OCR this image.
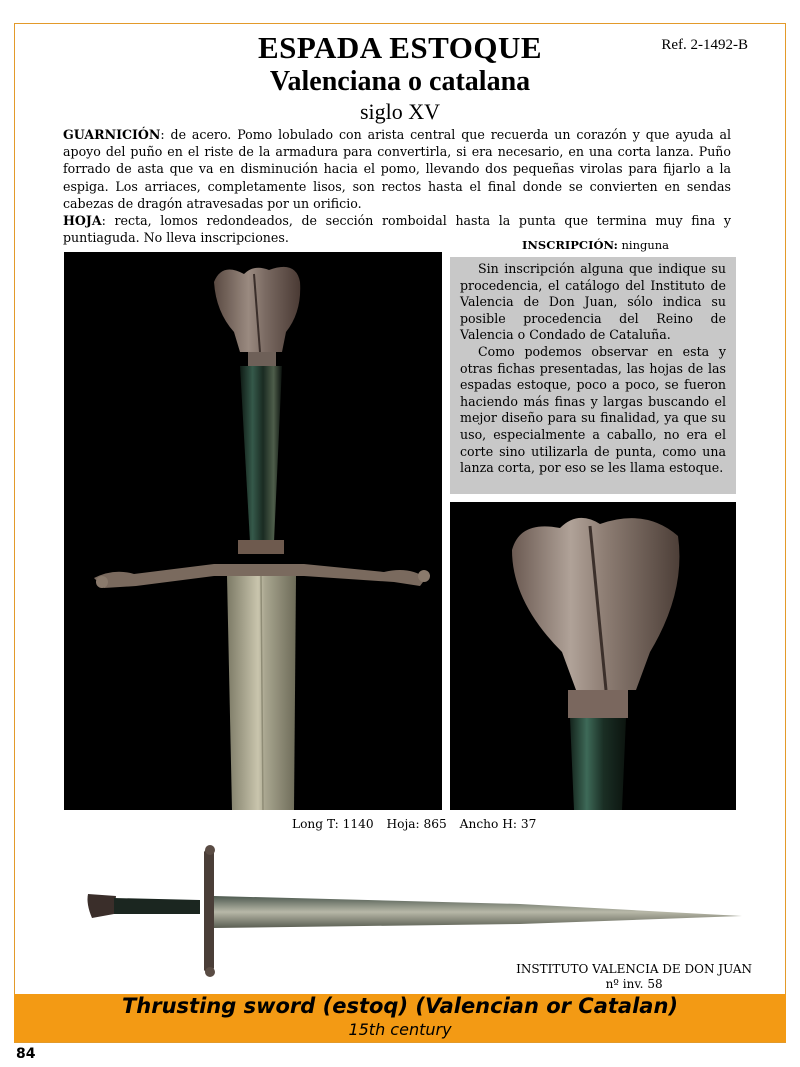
ESPADA ESTOQUE
Valenciana o catalana
siglo XV
Ref. 2-1492-B

GUARNICIÓN: de acero. Pomo lobulado con arista central que recuerda un corazón y que ayuda al apoyo del puño en el riste de la armadura para convertirla, si era necesario, en una corta lanza. Puño forrado de asta que va en disminución hacia el pomo, llevando dos pequeñas virolas para fijarlo a la espiga. Los arriaces, completamente lisos, son rectos hasta el final donde se convierten en sendas cabezas de dragón atravesadas por un orificio.

HOJA: recta, lomos redondeados, de sección romboidal hasta la punta que termina muy fina y puntiaguda. No lleva inscripciones.	INSCRIPCIÓN: ninguna

Sin inscripción alguna que indique su procedencia, el catálogo del Instituto de Valencia de Don Juan, sólo indica su posible procedencia del Reino de Valencia o Condado de Cataluña.

Como podemos observar en esta y otras fichas presentadas, las hojas de las espadas estoque, poco a poco, se fueron haciendo más finas y largas buscando el mejor diseño para su finalidad, ya que su uso, especialmente a caballo, no era el corte sino utilizarla de punta, como una lanza corta, por eso se les llama estoque.

Long T: 1140 Hoja: 865 Ancho H: 37
INSTITUTO VALENCIA DE DON JUAN
nº inv. 58
Thrusting sword (estoq) (Valencian or Catalan)
15th century
84
